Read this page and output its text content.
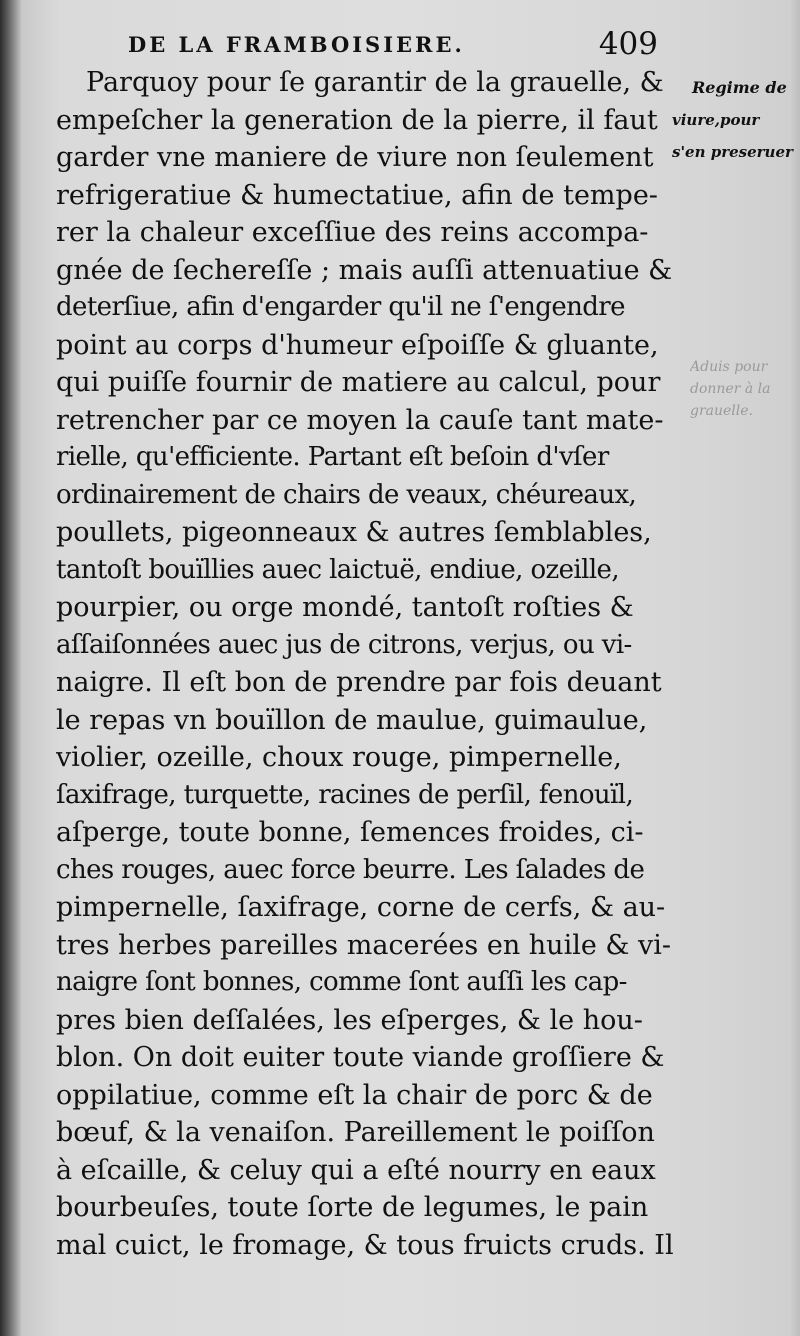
DE LA FRAMBOISIERE.	409
Parquoy pour ſe garantir de la grauelle, &
empeſcher la generation de la pierre, il faut
garder vne maniere de viure non ſeulement
refrigeratiue & humectatiue, afin de tempe-
rer la chaleur exceſſiue des reins accompa-
gnée de ſechereſſe ; mais auſſi attenuatiue &
deterſiue, afin d'engarder qu'il ne ſ'engendre
point au corps d'humeur eſpoiſſe & gluante,
qui puiſſe fournir de matiere au calcul, pour
retrencher par ce moyen la cauſe tant mate-
rielle, qu'efficiente. Partant eſt beſoin d'vſer
ordinairement de chairs de veaux, chéureaux,
poullets, pigeonneaux & autres ſemblables,
tantoſt bouïllies auec laictuë, endiue, ozeille,
pourpier, ou orge mondé, tantoſt roſties &
aſſaiſonnées auec jus de citrons, verjus, ou vi-
naigre. Il eſt bon de prendre par fois deuant
le repas vn bouïllon de maulue, guimaulue,
violier, ozeille, choux rouge, pimpernelle,
ſaxifrage, turquette, racines de perſil, fenouïl,
aſperge, toute bonne, ſemences froides, ci-
ches rouges, auec force beurre. Les ſalades de
pimpernelle, ſaxifrage, corne de cerfs, & au-
tres herbes pareilles macerées en huile & vi-
naigre ſont bonnes, comme ſont auſſi les cap-
pres bien deſſalées, les eſperges, & le hou-
blon. On doit euiter toute viande groſſiere &
oppilatiue, comme eſt la chair de porc & de
bœuf, & la venaiſon. Pareillement le poiſſon
à eſcaille, & celuy qui a eſté nourry en eaux
bourbeuſes, toute ſorte de legumes, le pain
mal cuict, le fromage, & tous fruicts cruds. Il
Regime de
viure,pour
s'en preseruer
Aduis pour
donner à la
grauelle.
